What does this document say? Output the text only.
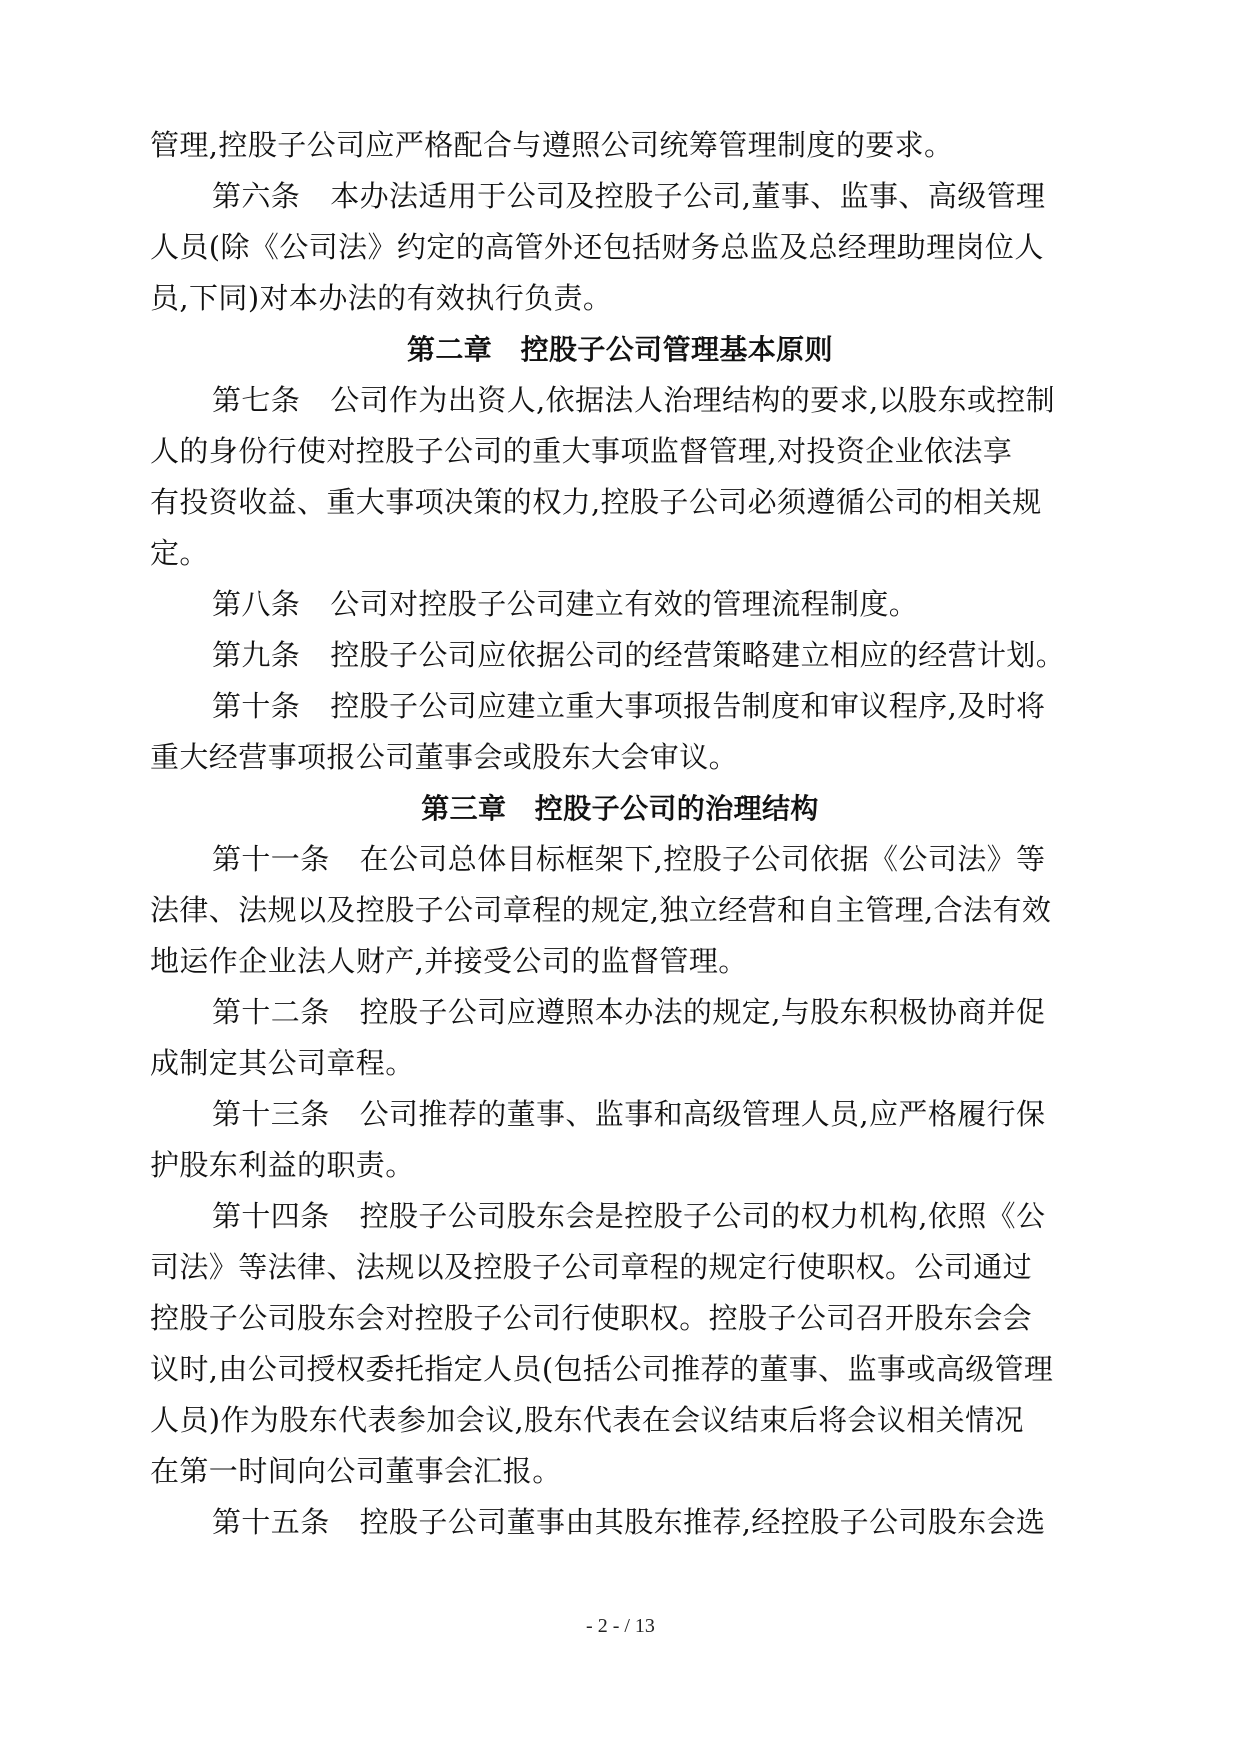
管理,控股子公司应严格配合与遵照公司统筹管理制度的要求。
第六条 本办法适用于公司及控股子公司,董事、监事、高级管理
人员(除《公司法》约定的高管外还包括财务总监及总经理助理岗位人
员,下同)对本办法的有效执行负责。
第二章　控股子公司管理基本原则
第七条 公司作为出资人,依据法人治理结构的要求,以股东或控制
人的身份行使对控股子公司的重大事项监督管理,对投资企业依法享
有投资收益、重大事项决策的权力,控股子公司必须遵循公司的相关规
定。
第八条 公司对控股子公司建立有效的管理流程制度。
第九条 控股子公司应依据公司的经营策略建立相应的经营计划。
第十条 控股子公司应建立重大事项报告制度和审议程序,及时将
重大经营事项报公司董事会或股东大会审议。
第三章　控股子公司的治理结构
第十一条 在公司总体目标框架下,控股子公司依据《公司法》等
法律、法规以及控股子公司章程的规定,独立经营和自主管理,合法有效
地运作企业法人财产,并接受公司的监督管理。
第十二条 控股子公司应遵照本办法的规定,与股东积极协商并促
成制定其公司章程。
第十三条 公司推荐的董事、监事和高级管理人员,应严格履行保
护股东利益的职责。
第十四条 控股子公司股东会是控股子公司的权力机构,依照《公
司法》等法律、法规以及控股子公司章程的规定行使职权。公司通过
控股子公司股东会对控股子公司行使职权。控股子公司召开股东会会
议时,由公司授权委托指定人员(包括公司推荐的董事、监事或高级管理
人员)作为股东代表参加会议,股东代表在会议结束后将会议相关情况
在第一时间向公司董事会汇报。
第十五条 控股子公司董事由其股东推荐,经控股子公司股东会选
- 2 - / 13
